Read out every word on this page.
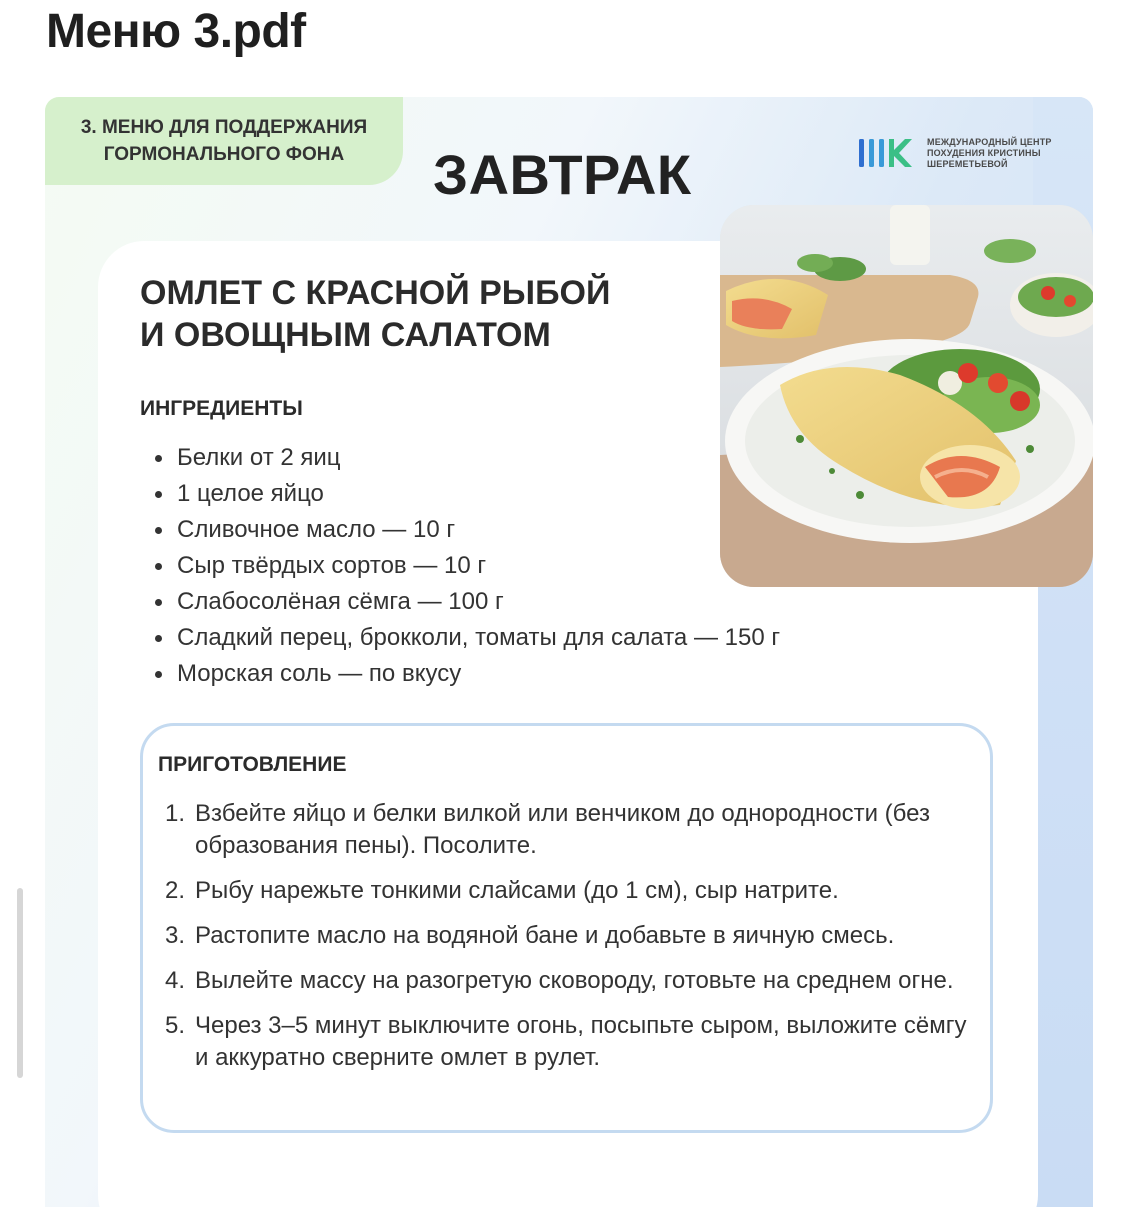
Меню 3.pdf
3. МЕНЮ ДЛЯ ПОДДЕРЖАНИЯ
ГОРМОНАЛЬНОГО ФОНА ЗАВТРАК
МЕЖДУНАРОДНЫЙ ЦЕНТР
ПОХУДЕНИЯ КРИСТИНЫ
ШЕРЕМЕТЬЕВОЙ
ОМЛЕТ С КРАСНОЙ РЫБОЙ
И ОВОЩНЫМ САЛАТОМ
ИНГРЕДИЕНТЫ
Белки от 2 яиц
1 целое яйцо
Сливочное масло — 10 г
Сыр твёрдых сортов — 10 г
Слабосолёная сёмга — 100 г
Сладкий перец, брокколи, томаты для салата — 150 г
Морская соль — по вкусу
ПРИГОТОВЛЕНИЕ
1. Взбейте яйцо и белки вилкой или венчиком до однородности (без образования пены). Посолите.
2. Рыбу нарежьте тонкими слайсами (до 1 см), сыр натрите.
3. Растопите масло на водяной бане и добавьте в яичную смесь.
4. Вылейте массу на разогретую сковороду, готовьте на среднем огне.
5. Через 3–5 минут выключите огонь, посыпьте сыром, выложите сёмгу и аккуратно сверните омлет в рулет.
